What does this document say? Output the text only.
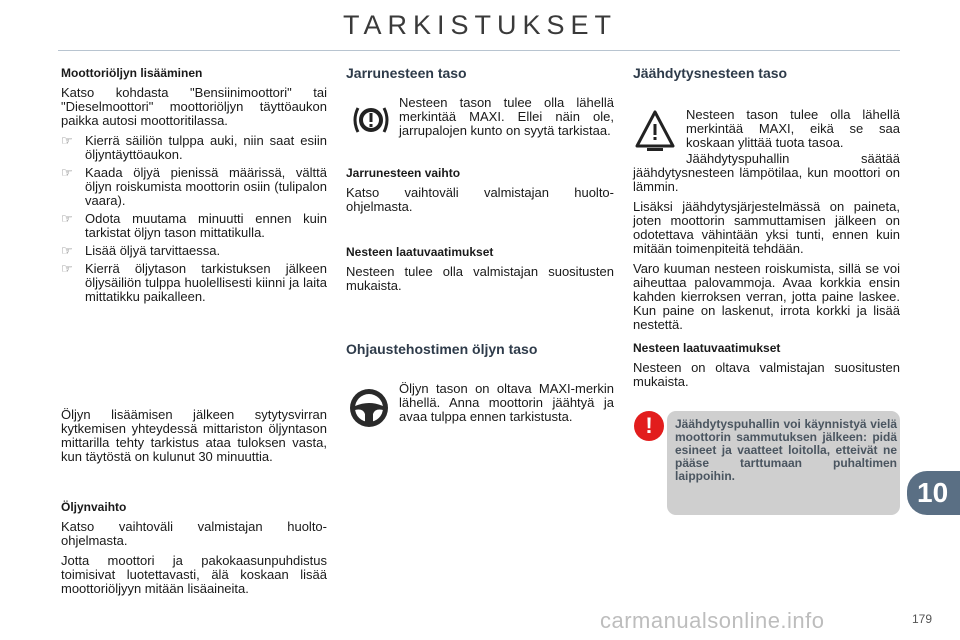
TARKISTUKSET

Moottoriöljyn lisääminen

Katso kohdasta "Bensiinimoottori" tai "Dieselmoottori" moottoriöljyn täyttöaukon paikka autosi moottoritilassa.

☞ Kierrä säiliön tulppa auki, niin saat esiin öljyntäyttöaukon.
☞ Kaada öljyä pienissä määrissä, välttä öljyn roiskumista moottorin osiin (tulipalon vaara).
☞ Odota muutama minuutti ennen kuin tarkistat öljyn tason mittatikulla.
☞ Lisää öljyä tarvittaessa.
☞ Kierrä öljytason tarkistuksen jälkeen öljysäiliön tulppa huolellisesti kiinni ja laita mittatikku paikalleen.

Öljyn lisäämisen jälkeen sytytysvirran kytkemisen yhteydessä mittariston öljyntason mittarilla tehty tarkistus ataa tuloksen vasta, kun täytöstä on kulunut 30 minuuttia.

Öljynvaihto

Katso vaihtoväli valmistajan huolto-ohjelmasta.

Jotta moottori ja pakokaasunpuhdistus toimisivat luotettavasti, älä koskaan lisää moottoriöljyyn mitään lisäaineita.

Jarrunesteen taso

Nesteen tason tulee olla lähellä merkintää MAXI. Ellei näin ole, jarrupalojen kunto on syytä tarkistaa.

Jarrunesteen vaihto

Katso vaihtoväli valmistajan huolto-ohjelmasta.

Nesteen laatuvaatimukset

Nesteen tulee olla valmistajan suositusten mukaista.

Ohjaustehostimen öljyn taso

Öljyn tason on oltava MAXI-merkin lähellä. Anna moottorin jäähtyä ja avaa tulppa ennen tarkistusta.

Jäähdytysnesteen taso

Nesteen tason tulee olla lähellä merkintää MAXI, eikä se saa koskaan ylittää tuota tasoa.

Jäähdytyspuhallin säätää jäähdytysnesteen lämpötilaa, kun moottori on lämmin.

Lisäksi jäähdytysjärjestelmässä on paineta, joten moottorin sammuttamisen jälkeen on odotettava vähintään yksi tunti, ennen kuin mitään toimenpiteitä tehdään.

Varo kuuman nesteen roiskumista, sillä se voi aiheuttaa palovammoja. Avaa korkkia ensin kahden kierroksen verran, jotta paine laskee. Kun paine on laskenut, irrota korkki ja lisää nestettä.

Nesteen laatuvaatimukset

Nesteen on oltava valmistajan suositusten mukaista.

!	Jäähdytyspuhallin voi käynnistyä vielä moottorin sammutuksen jälkeen: pidä esineet ja vaatteet loitolla, etteivät ne pääse tarttumaan puhaltimen laippoihin.
10
carmanualsonline.info	179
